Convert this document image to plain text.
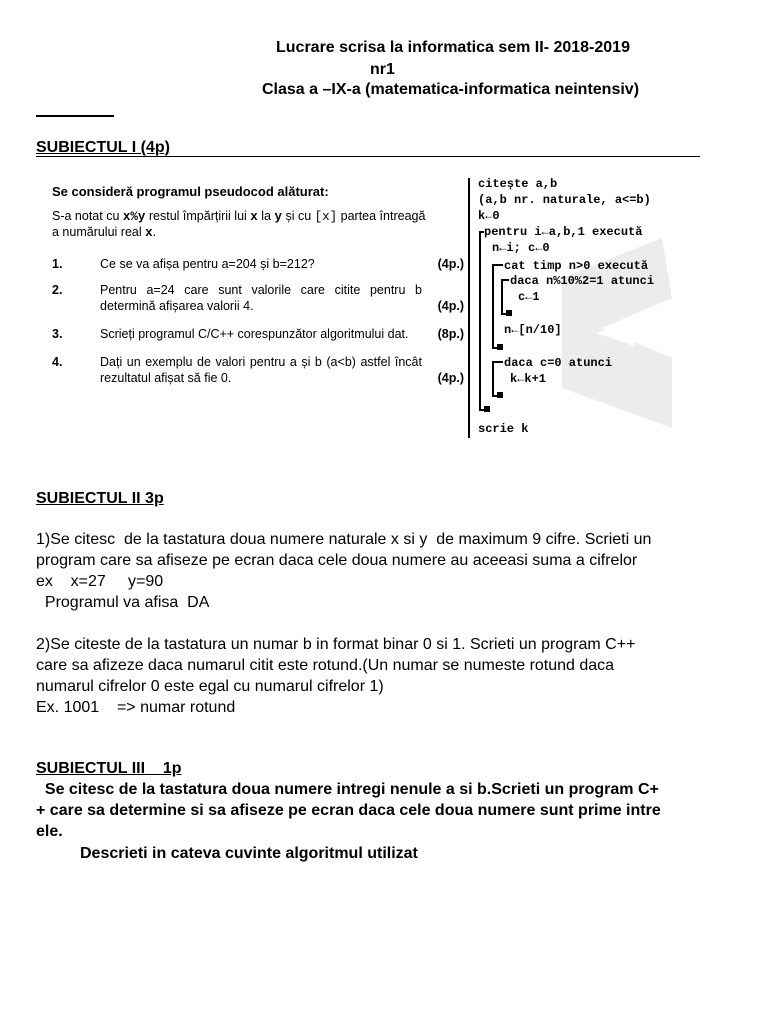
Lucrare scrisa la informatica sem II- 2018-2019
nr1
Clasa a –IX-a (matematica-informatica neintensiv)
SUBIECTUL I (4p)
Se consideră programul pseudocod alăturat:
S-a notat cu x%y restul împărțirii lui x la y și cu [x] partea întreagă
a numărului real x.
1.	Ce se va afișa pentru a=204 și b=212?	(4p.)
2.	Pentru a=24 care sunt valorile care citite pentru b determină afișarea valorii 4.	(4p.)
3.	Scrieți programul C/C++ corespunzător algoritmului dat.	(8p.)
4.	Dați un exemplu de valori pentru a și b (a<b) astfel încât rezultatul afișat să fie 0.	(4p.)
citește a,b
(a,b nr. naturale, a<=b)
k←0
pentru i←a,b,1 execută
n←i; c←0
cat timp n>0 execută
daca n%10%2=1 atunci
c←1
n←[n/10]
daca c=0 atunci
k←k+1
scrie k
SUBIECTUL II 3p
1)Se citesc  de la tastatura doua numere naturale x si y  de maximum 9 cifre. Scrieti un
program care sa afiseze pe ecran daca cele doua numere au aceeasi suma a cifrelor
ex    x=27     y=90
Programul va afisa  DA
2)Se citeste de la tastatura un numar b in format binar 0 si 1. Scrieti un program C++
care sa afizeze daca numarul citit este rotund.(Un numar se numeste rotund daca
numarul cifrelor 0 este egal cu numarul cifrelor 1)
Ex. 1001    => numar rotund
SUBIECTUL III    1p
Se citesc de la tastatura doua numere intregi nenule a si b.Scrieti un program C+
+ care sa determine si sa afiseze pe ecran daca cele doua numere sunt prime intre
ele.
Descrieti in cateva cuvinte algoritmul utilizat
